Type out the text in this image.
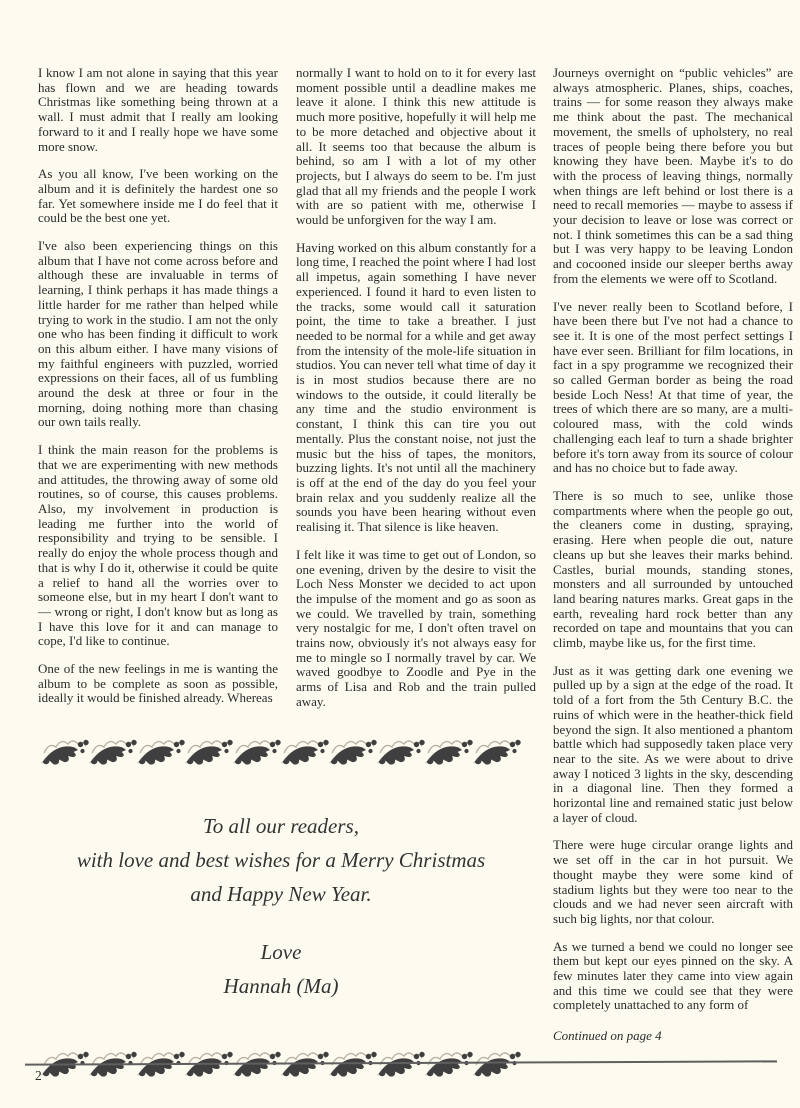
I know I am not alone in saying that this year has flown and we are heading towards Christmas like something being thrown at a wall. I must admit that I really am looking forward to it and I really hope we have some more snow.

As you all know, I've been working on the album and it is definitely the hardest one so far. Yet somewhere inside me I do feel that it could be the best one yet.

I've also been experiencing things on this album that I have not come across before and although these are invaluable in terms of learning, I think perhaps it has made things a little harder for me rather than helped while trying to work in the studio. I am not the only one who has been finding it difficult to work on this album either. I have many visions of my faithful engineers with puzzled, worried expressions on their faces, all of us fumbling around the desk at three or four in the morning, doing nothing more than chasing our own tails really.

I think the main reason for the problems is that we are experimenting with new methods and attitudes, the throwing away of some old routines, so of course, this causes problems. Also, my involvement in production is leading me further into the world of responsibility and trying to be sensible. I really do enjoy the whole process though and that is why I do it, otherwise it could be quite a relief to hand all the worries over to someone else, but in my heart I don't want to — wrong or right, I don't know but as long as I have this love for it and can manage to cope, I'd like to continue.

One of the new feelings in me is wanting the album to be complete as soon as possible, ideally it would be finished already. Whereas

normally I want to hold on to it for every last moment possible until a deadline makes me leave it alone. I think this new attitude is much more positive, hopefully it will help me to be more detached and objective about it all. It seems too that because the album is behind, so am I with a lot of my other projects, but I always do seem to be. I'm just glad that all my friends and the people I work with are so patient with me, otherwise I would be unforgiven for the way I am.

Having worked on this album constantly for a long time, I reached the point where I had lost all impetus, again something I have never experienced. I found it hard to even listen to the tracks, some would call it saturation point, the time to take a breather. I just needed to be normal for a while and get away from the intensity of the mole-life situation in studios. You can never tell what time of day it is in most studios because there are no windows to the outside, it could literally be any time and the studio environment is constant, I think this can tire you out mentally. Plus the constant noise, not just the music but the hiss of tapes, the monitors, buzzing lights. It's not until all the machinery is off at the end of the day do you feel your brain relax and you suddenly realize all the sounds you have been hearing without even realising it. That silence is like heaven.

I felt like it was time to get out of London, so one evening, driven by the desire to visit the Loch Ness Monster we decided to act upon the impulse of the moment and go as soon as we could. We travelled by train, something very nostalgic for me, I don't often travel on trains now, obviously it's not always easy for me to mingle so I normally travel by car. We waved goodbye to Zoodle and Pye in the arms of Lisa and Rob and the train pulled away.

To all our readers,
with love and best wishes for a Merry Christmas
and Happy New Year.
Love
Hannah (Ma)

Journeys overnight on “public vehicles” are always atmospheric. Planes, ships, coaches, trains — for some reason they always make me think about the past. The mechanical movement, the smells of upholstery, no real traces of people being there before you but knowing they have been. Maybe it's to do with the process of leaving things, normally when things are left behind or lost there is a need to recall memories — maybe to assess if your decision to leave or lose was correct or not. I think sometimes this can be a sad thing but I was very happy to be leaving London and cocooned inside our sleeper berths away from the elements we were off to Scotland.

I've never really been to Scotland before, I have been there but I've not had a chance to see it. It is one of the most perfect settings I have ever seen. Brilliant for film locations, in fact in a spy programme we recognized their so called German border as being the road beside Loch Ness! At that time of year, the trees of which there are so many, are a multi-coloured mass, with the cold winds challenging each leaf to turn a shade brighter before it's torn away from its source of colour and has no choice but to fade away.

There is so much to see, unlike those compartments where when the people go out, the cleaners come in dusting, spraying, erasing. Here when people die out, nature cleans up but she leaves their marks behind. Castles, burial mounds, standing stones, monsters and all surrounded by untouched land bearing natures marks. Great gaps in the earth, revealing hard rock better than any recorded on tape and mountains that you can climb, maybe like us, for the first time.

Just as it was getting dark one evening we pulled up by a sign at the edge of the road. It told of a fort from the 5th Century B.C. the ruins of which were in the heather-thick field beyond the sign. It also mentioned a phantom battle which had supposedly taken place very near to the site. As we were about to drive away I noticed 3 lights in the sky, descending in a diagonal line. Then they formed a horizontal line and remained static just below a layer of cloud.

There were huge circular orange lights and we set off in the car in hot pursuit. We thought maybe they were some kind of stadium lights but they were too near to the clouds and we had never seen aircraft with such big lights, nor that colour.

As we turned a bend we could no longer see them but kept our eyes pinned on the sky. A few minutes later they came into view again and this time we could see that they were completely unattached to any form of

Continued on page 4
2
